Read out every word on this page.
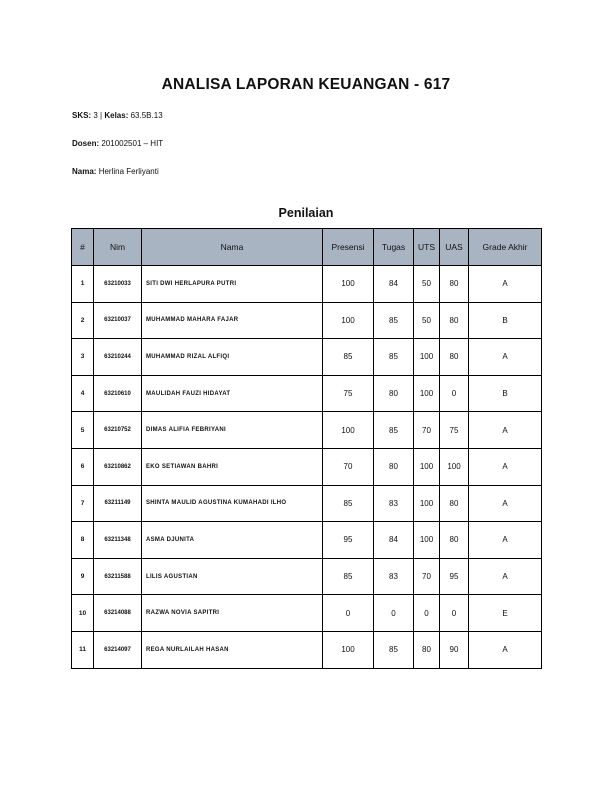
ANALISA LAPORAN KEUANGAN - 617
SKS: 3 | Kelas: 63.5B.13
Dosen: 201002501 – HIT
Nama: Herlina Ferliyanti
Penilaian
#	Nim	Nama	Presensi	Tugas	UTS	UAS	Grade Akhir
1	63210033	SITI DWI HERLAPURA PUTRI	100	84	50	80	A
2	63210037	MUHAMMAD MAHARA FAJAR	100	85	50	80	B
3	63210244	MUHAMMAD RIZAL ALFIQI	85	85	100	80	A
4	63210610	MAULIDAH FAUZI HIDAYAT	75	80	100	0	B
5	63210752	DIMAS ALIFIA FEBRIYANI	100	85	70	75	A
6	63210862	EKO SETIAWAN BAHRI	70	80	100	100	A
7	63211149	SHINTA MAULID AGUSTINA KUMAHADI ILHO	85	83	100	80	A
8	63211348	ASMA DJUNITA	95	84	100	80	A
9	63211588	LILIS AGUSTIAN	85	83	70	95	A
10	63214088	RAZWA NOVIA SAPITRI	0	0	0	0	E
11	63214097	REGA NURLAILAH HASAN	100	85	80	90	A
